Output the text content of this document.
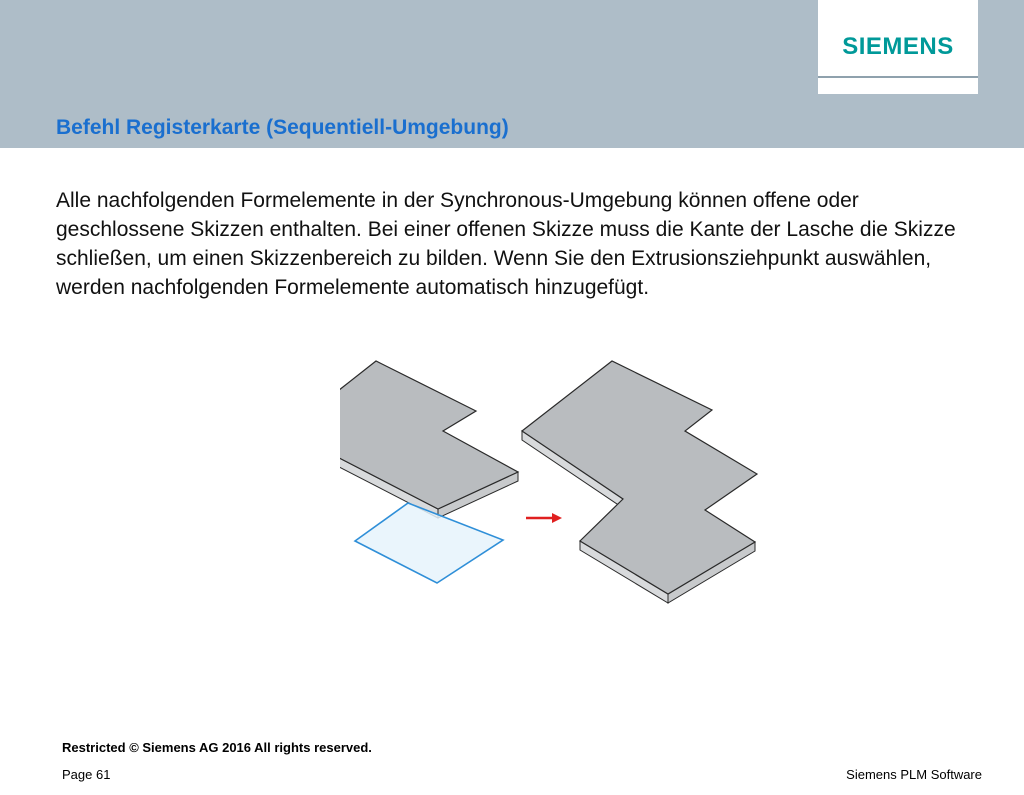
SIEMENS
Befehl Registerkarte (Sequentiell-Umgebung)

Alle nachfolgenden Formelemente in der Synchronous-Umgebung können offene oder geschlossene Skizzen enthalten. Bei einer offenen Skizze muss die Kante der Lasche die Skizze schließen, um einen Skizzenbereich zu bilden. Wenn Sie den Extrusionsziehpunkt auswählen, werden nachfolgenden Formelemente automatisch hinzugefügt.

Restricted © Siemens AG 2016 All rights reserved.
Page 61	Siemens PLM Software
